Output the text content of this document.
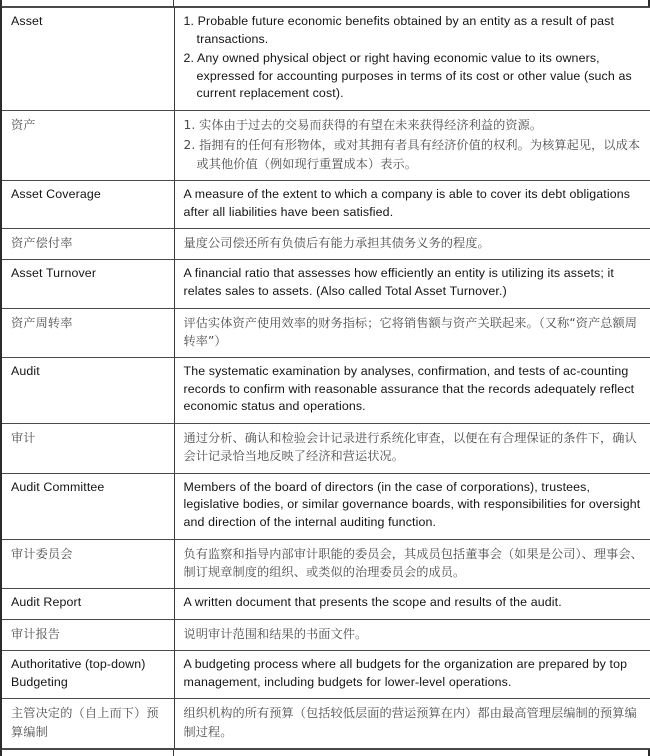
Asset	1. Probable future economic benefits obtained by an entity as a result of past transactions.
2. Any owned physical object or right having economic value to its owners, expressed for accounting purposes in terms of its cost or other value (such as current replacement cost).

资产	1. 实体由于过去的交易而获得的有望在未来获得经济利益的资源。
2. 指拥有的任何有形物体，或对其拥有者具有经济价值的权利。为核算起见，以成本或其他价值（例如现行重置成本）表示。

Asset Coverage	A measure of the extent to which a company is able to cover its debt obligations after all liabilities have been satisfied.

资产偿付率	量度公司偿还所有负债后有能力承担其债务义务的程度。

Asset Turnover	A financial ratio that assesses how efficiently an entity is utilizing its assets; it relates sales to assets. (Also called Total Asset Turnover.)

资产周转率	评估实体资产使用效率的财务指标；它将销售额与资产关联起来。（又称“资产总额周转率”）

Audit	The systematic examination by analyses, confirmation, and tests of ac-counting records to confirm with reasonable assurance that the records adequately reflect economic status and operations.

审计	通过分析、确认和检验会计记录进行系统化审查，以便在有合理保证的条件下，确认会计记录恰当地反映了经济和营运状况。

Audit Committee	Members of the board of directors (in the case of corporations), trustees, legislative bodies, or similar governance boards, with responsibilities for oversight and direction of the internal auditing function.

审计委员会	负有监察和指导内部审计职能的委员会，其成员包括董事会（如果是公司）、理事会、制订规章制度的组织、或类似的治理委员会的成员。

Audit Report	A written document that presents the scope and results of the audit.

审计报告	说明审计范围和结果的书面文件。

Authoritative (top-down) Budgeting	A budgeting process where all budgets for the organization are prepared by top management, including budgets for lower-level operations.

主管决定的（自上而下）预算编制	组织机构的所有预算（包括较低层面的营运预算在内）都由最高管理层编制的预算编制过程。
